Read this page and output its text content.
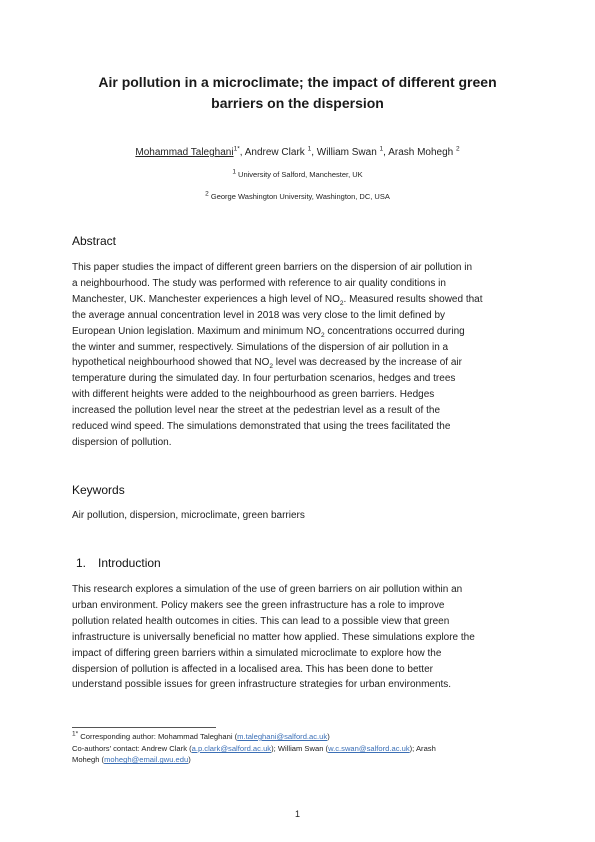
Air pollution in a microclimate; the impact of different green
barriers on the dispersion
Mohammad Taleghani$^{1*}$, Andrew Clark $^1$, William Swan $^1$, Arash Mohegh $^2$
$^1$ University of Salford, Manchester, UK
$^2$ George Washington University, Washington, DC, USA
Abstract
This paper studies the impact of different green barriers on the dispersion of air pollution in
a neighbourhood. The study was performed with reference to air quality conditions in
Manchester, UK. Manchester experiences a high level of $NO_2$. Measured results showed that
the average annual concentration level in 2018 was very close to the limit defined by
European Union legislation. Maximum and minimum $NO_2$ concentrations occurred during
the winter and summer, respectively. Simulations of the dispersion of air pollution in a
hypothetical neighbourhood showed that $NO_2$ level was decreased by the increase of air
temperature during the simulated day. In four perturbation scenarios, hedges and trees
with different heights were added to the neighbourhood as green barriers. Hedges
increased the pollution level near the street at the pedestrian level as a result of the
reduced wind speed. The simulations demonstrated that using the trees facilitated the
dispersion of pollution.
Keywords
Air pollution, dispersion, microclimate, green barriers
1. Introduction
This research explores a simulation of the use of green barriers on air pollution within an
urban environment. Policy makers see the green infrastructure has a role to improve
pollution related health outcomes in cities. This can lead to a possible view that green
infrastructure is universally beneficial no matter how applied. These simulations explore the
impact of differing green barriers within a simulated microclimate to explore how the
dispersion of pollution is affected in a localised area. This has been done to better
understand possible issues for green infrastructure strategies for urban environments.
$^{1*}$ Corresponding author: Mohammad Taleghani (m.taleghani@salford.ac.uk)
Co-authors' contact: Andrew Clark (a.p.clark@salford.ac.uk); William Swan (w.c.swan@salford.ac.uk); Arash
Mohegh (mohegh@email.gwu.edu)
1
